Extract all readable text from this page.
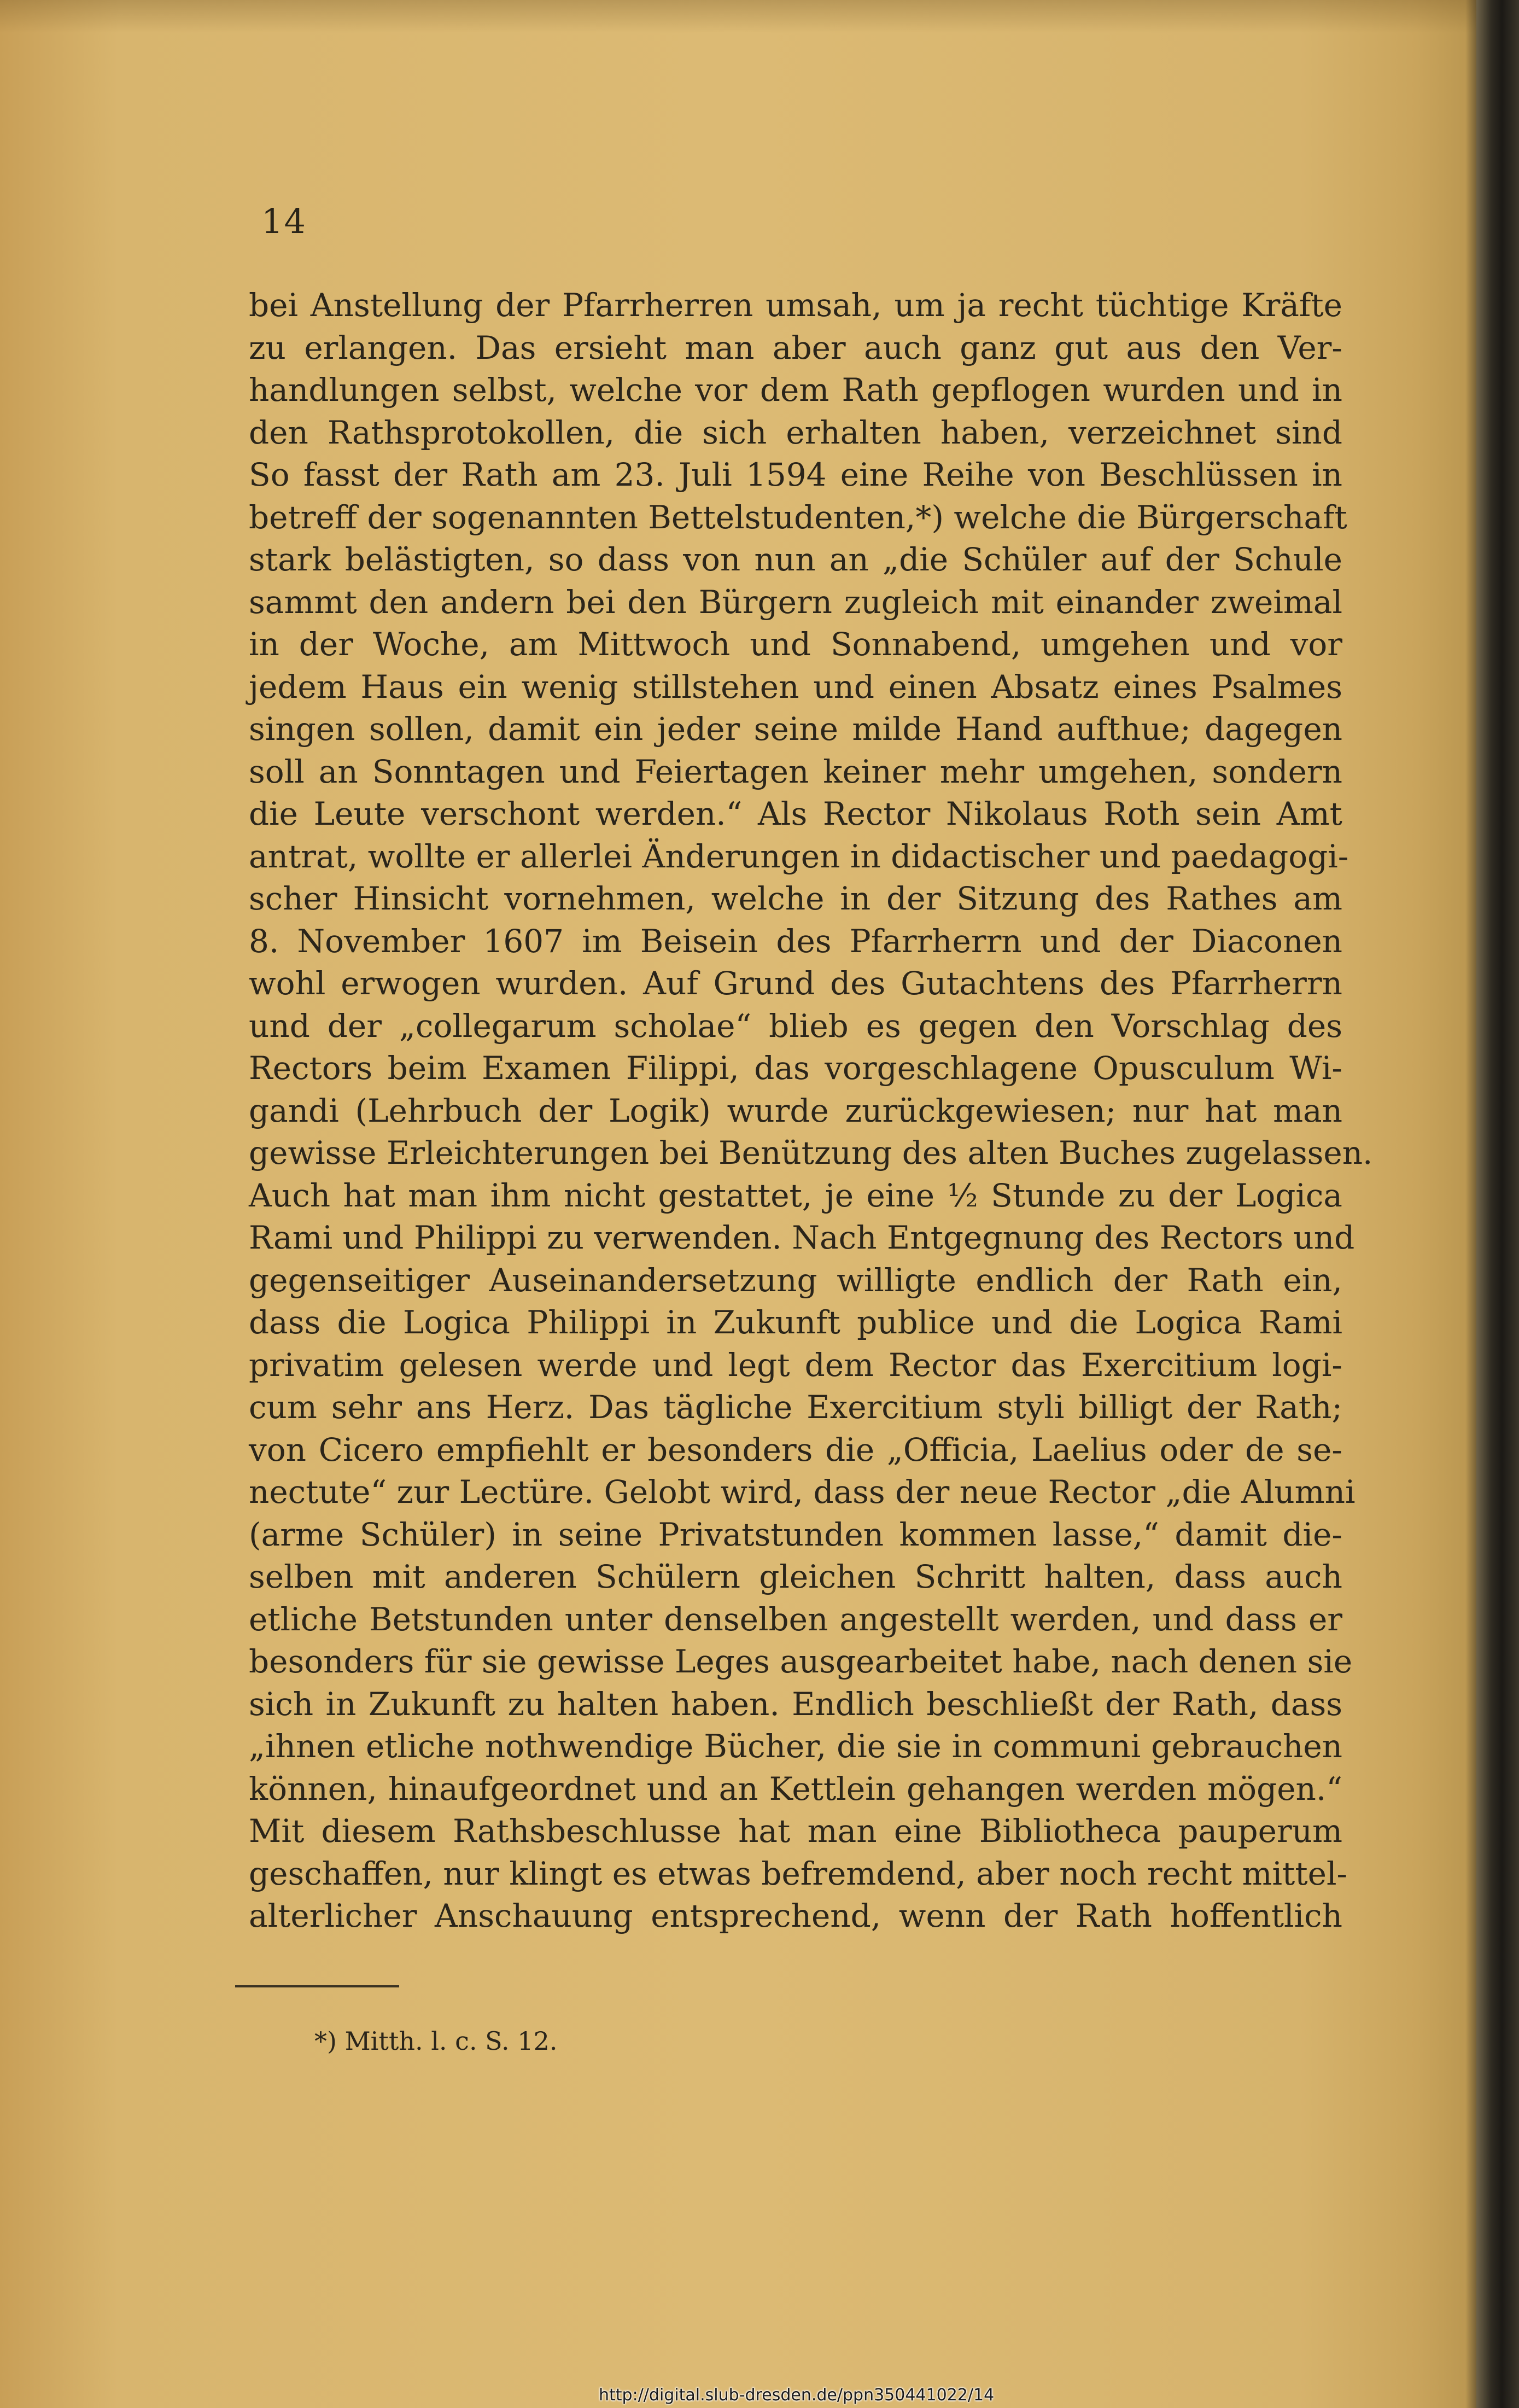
14
bei Anstellung der Pfarrherren umsah, um ja recht tüchtige Kräfte
zu erlangen. Das ersieht man aber auch ganz gut aus den Ver-
handlungen selbst, welche vor dem Rath gepflogen wurden und in
den Rathsprotokollen, die sich erhalten haben, verzeichnet sind
So fasst der Rath am 23. Juli 1594 eine Reihe von Beschlüssen in
betreff der sogenannten Bettelstudenten,*) welche die Bürgerschaft
stark belästigten, so dass von nun an „die Schüler auf der Schule
sammt den andern bei den Bürgern zugleich mit einander zweimal
in der Woche, am Mittwoch und Sonnabend, umgehen und vor
jedem Haus ein wenig stillstehen und einen Absatz eines Psalmes
singen sollen, damit ein jeder seine milde Hand aufthue; dagegen
soll an Sonntagen und Feiertagen keiner mehr umgehen, sondern
die Leute verschont werden.“ Als Rector Nikolaus Roth sein Amt
antrat, wollte er allerlei Änderungen in didactischer und paedagogi-
scher Hinsicht vornehmen, welche in der Sitzung des Rathes am
8. November 1607 im Beisein des Pfarrherrn und der Diaconen
wohl erwogen wurden. Auf Grund des Gutachtens des Pfarrherrn
und der „collegarum scholae“ blieb es gegen den Vorschlag des
Rectors beim Examen Filippi, das vorgeschlagene Opusculum Wi-
gandi (Lehrbuch der Logik) wurde zurückgewiesen; nur hat man
gewisse Erleichterungen bei Benützung des alten Buches zugelassen.
Auch hat man ihm nicht gestattet, je eine ½ Stunde zu der Logica
Rami und Philippi zu verwenden. Nach Entgegnung des Rectors und
gegenseitiger Auseinandersetzung willigte endlich der Rath ein,
dass die Logica Philippi in Zukunft publice und die Logica Rami
privatim gelesen werde und legt dem Rector das Exercitium logi-
cum sehr ans Herz. Das tägliche Exercitium styli billigt der Rath;
von Cicero empfiehlt er besonders die „Officia, Laelius oder de se-
nectute“ zur Lectüre. Gelobt wird, dass der neue Rector „die Alumni
(arme Schüler) in seine Privatstunden kommen lasse,“ damit die-
selben mit anderen Schülern gleichen Schritt halten, dass auch
etliche Betstunden unter denselben angestellt werden, und dass er
besonders für sie gewisse Leges ausgearbeitet habe, nach denen sie
sich in Zukunft zu halten haben. Endlich beschließt der Rath, dass
„ihnen etliche nothwendige Bücher, die sie in communi gebrauchen
können, hinaufgeordnet und an Kettlein gehangen werden mögen.“
Mit diesem Rathsbeschlusse hat man eine Bibliotheca pauperum
geschaffen, nur klingt es etwas befremdend, aber noch recht mittel-
alterlicher Anschauung entsprechend, wenn der Rath hoffentlich
*) Mitth. l. c. S. 12.
http://digital.slub-dresden.de/ppn350441022/14
